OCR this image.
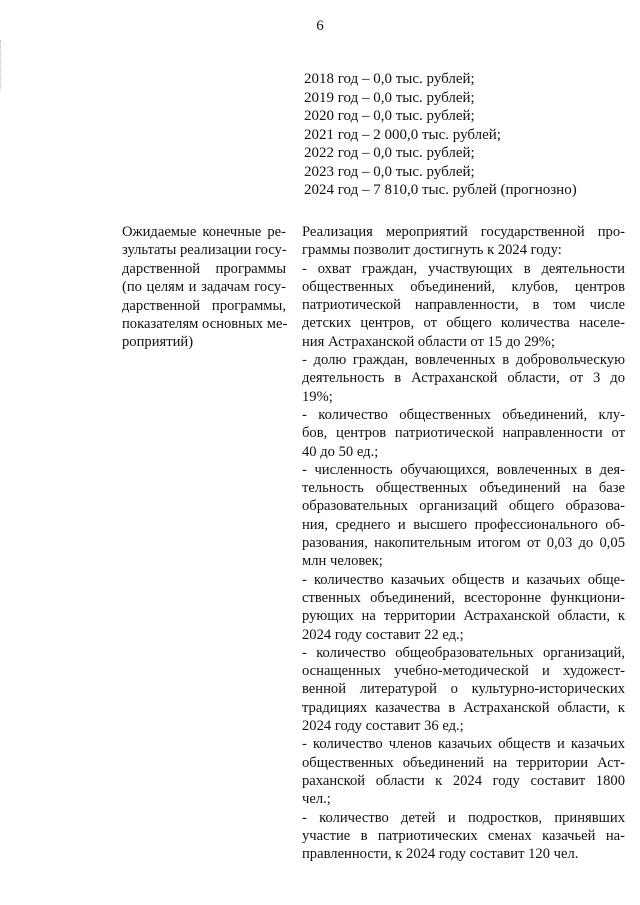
6
2018 год – 0,0 тыс. рублей;
2019 год – 0,0 тыс. рублей;
2020 год – 0,0 тыс. рублей;
2021 год – 2 000,0 тыс. рублей;
2022 год – 0,0 тыс. рублей;
2023 год – 0,0 тыс. рублей;
2024 год – 7 810,0 тыс. рублей (прогнозно)
Ожидаемые конечные ре-
зультаты реализации госу-
дарственной программы
(по целям и задачам госу-
дарственной программы,
показателям основных ме-
роприятий)
Реализация мероприятий государственной про-
граммы позволит достигнуть к 2024 году:
- охват граждан, участвующих в деятельности
общественных объединений, клубов, центров
патриотической направленности, в том числе
детских центров, от общего количества населе-
ния Астраханской области от 15 до 29%;
- долю граждан, вовлеченных в добровольческую
деятельность в Астраханской области, от 3 до
19%;
- количество общественных объединений, клу-
бов, центров патриотической направленности от
40 до 50 ед.;
- численность обучающихся, вовлеченных в дея-
тельность общественных объединений на базе
образовательных организаций общего образова-
ния, среднего и высшего профессионального об-
разования, накопительным итогом от 0,03 до 0,05
млн человек;
- количество казачьих обществ и казачьих обще-
ственных объединений, всесторонне функциони-
рующих на территории Астраханской области, к
2024 году составит 22 ед.;
- количество общеобразовательных организаций,
оснащенных учебно-методической и художест-
венной литературой о культурно-исторических
традициях казачества в Астраханской области, к
2024 году составит 36 ед.;
- количество членов казачьих обществ и казачьих
общественных объединений на территории Аст-
раханской области к 2024 году составит 1800
чел.;
- количество детей и подростков, принявших
участие в патриотических сменах казачьей на-
правленности, к 2024 году составит 120 чел.
